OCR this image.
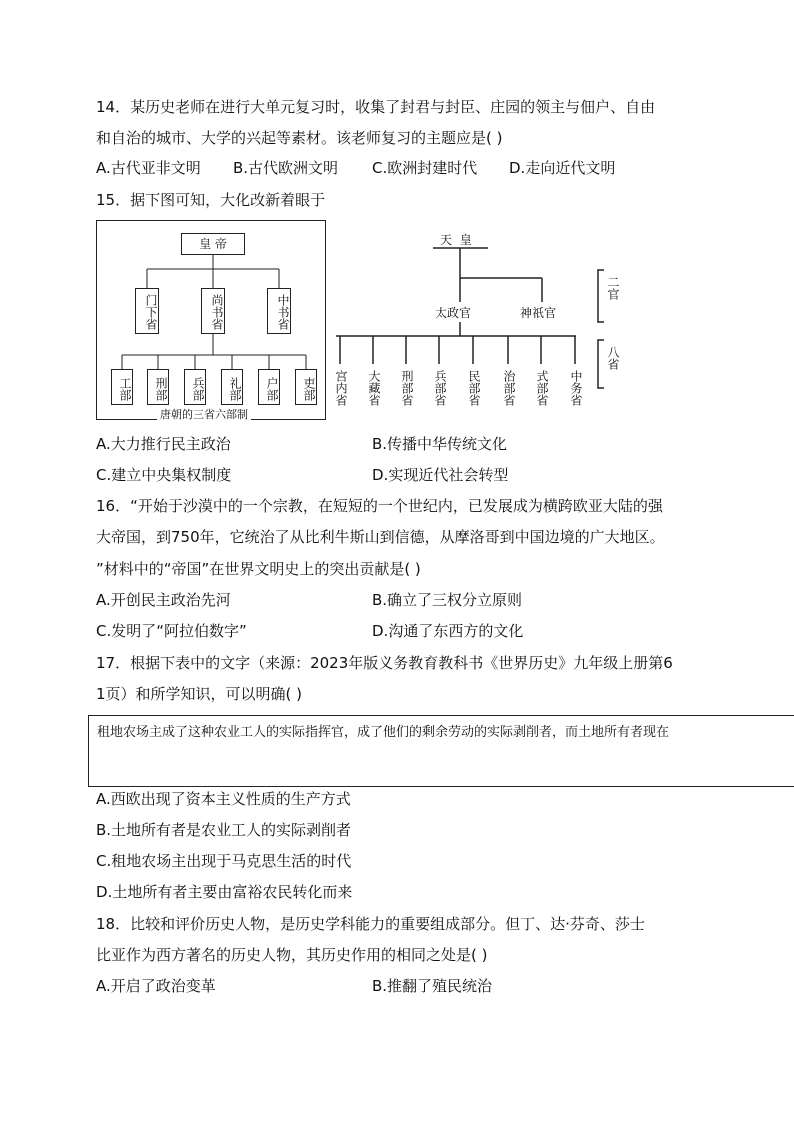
14．某历史老师在进行大单元复习时，收集了封君与封臣、庄园的领主与佃户、自由
和自治的城市、大学的兴起等素材。该老师复习的主题应是( )
A.古代亚非文明 B.古代欧洲文明 C.欧洲封建时代 D.走向近代文明
15．据下图可知，大化改新着眼于
皇 帝
门下省	尚书省	中书省
工部	刑部	兵部	礼部	户部	吏部
唐朝的三省六部制
天 皇
太政官	神祇官
宫内省 大藏省 刑部省 兵部省 民部省 治部省 式部省 中务省
二官
八省
A.大力推行民主政治	B.传播中华传统文化
C.建立中央集权制度	D.实现近代社会转型
16．“开始于沙漠中的一个宗教，在短短的一个世纪内，已发展成为横跨欧亚大陆的强
大帝国，到750年，它统治了从比利牛斯山到信德，从摩洛哥到中国边境的广大地区。
”材料中的“帝国”在世界文明史上的突出贡献是( )
A.开创民主政治先河	B.确立了三权分立原则
C.发明了“阿拉伯数字”	D.沟通了东西方的文化
17．根据下表中的文字（来源：2023年版义务教育教科书《世界历史》九年级上册第6
1页）和所学知识，可以明确( )
租地农场主成了这种农业工人的实际指挥官，成了他们的剩余劳动的实际剥削者，而土地所有者现在
A.西欧出现了资本主义性质的生产方式
B.土地所有者是农业工人的实际剥削者
C.租地农场主出现于马克思生活的时代
D.土地所有者主要由富裕农民转化而来
18．比较和评价历史人物，是历史学科能力的重要组成部分。但丁、达·芬奇、莎士
比亚作为西方著名的历史人物，其历史作用的相同之处是( )
A.开启了政治变革	B.推翻了殖民统治
